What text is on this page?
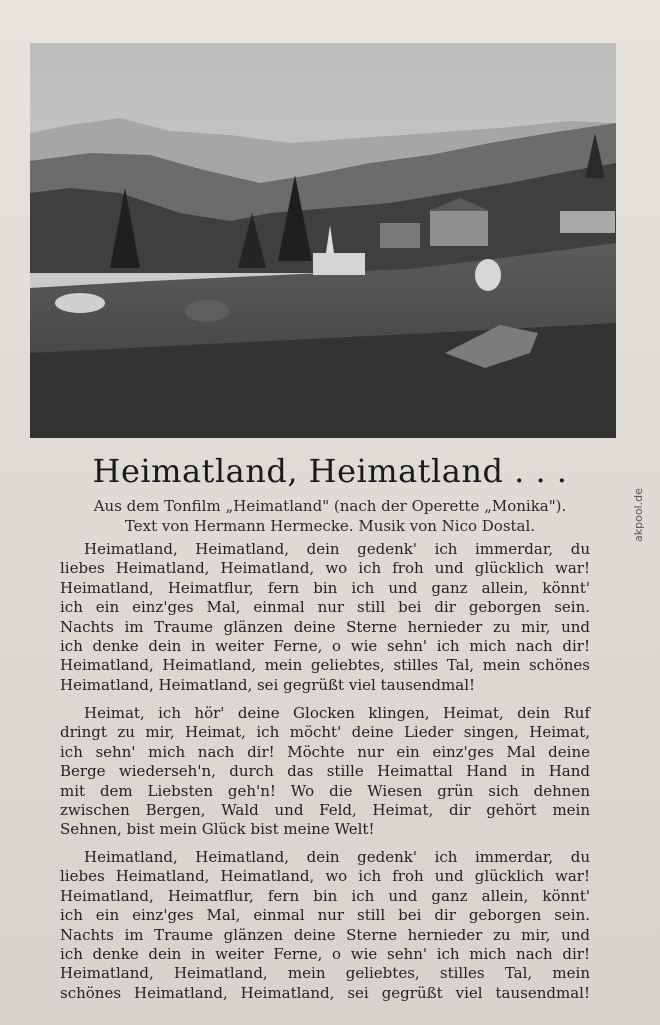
Heimatland, Heimatland . . .
Aus dem Tonfilm „Heimatland" (nach der Operette „Monika").
Text von Hermann Hermecke. Musik von Nico Dostal.
Heimatland, Heimatland, dein gedenk' ich immerdar, du
liebes Heimatland, Heimatland, wo ich froh und glücklich war!
Heimatland, Heimatflur, fern bin ich und ganz allein, könnt'
ich ein einz'ges Mal, einmal nur still bei dir geborgen sein.
Nachts im Traume glänzen deine Sterne hernieder zu mir, und
ich denke dein in weiter Ferne, o wie sehn' ich mich nach dir!
Heimatland, Heimatland, mein geliebtes, stilles Tal, mein schönes
Heimatland, Heimatland, sei gegrüßt viel tausendmal!
Heimat, ich hör' deine Glocken klingen, Heimat, dein Ruf
dringt zu mir, Heimat, ich möcht' deine Lieder singen, Heimat,
ich sehn' mich nach dir! Möchte nur ein einz'ges Mal deine
Berge wiederseh'n, durch das stille Heimattal Hand in Hand
mit dem Liebsten geh'n! Wo die Wiesen grün sich dehnen
zwischen Bergen, Wald und Feld, Heimat, dir gehört mein
Sehnen, bist mein Glück bist meine Welt!
Heimatland, Heimatland, dein gedenk' ich immerdar, du
liebes Heimatland, Heimatland, wo ich froh und glücklich war!
Heimatland, Heimatflur, fern bin ich und ganz allein, könnt'
ich ein einz'ges Mal, einmal nur still bei dir geborgen sein.
Nachts im Traume glänzen deine Sterne hernieder zu mir, und
ich denke dein in weiter Ferne, o wie sehn' ich mich nach dir!
Heimatland, Heimatland, mein geliebtes, stilles Tal, mein
schönes Heimatland, Heimatland, sei gegrüßt viel tausendmal!
akpool.de
